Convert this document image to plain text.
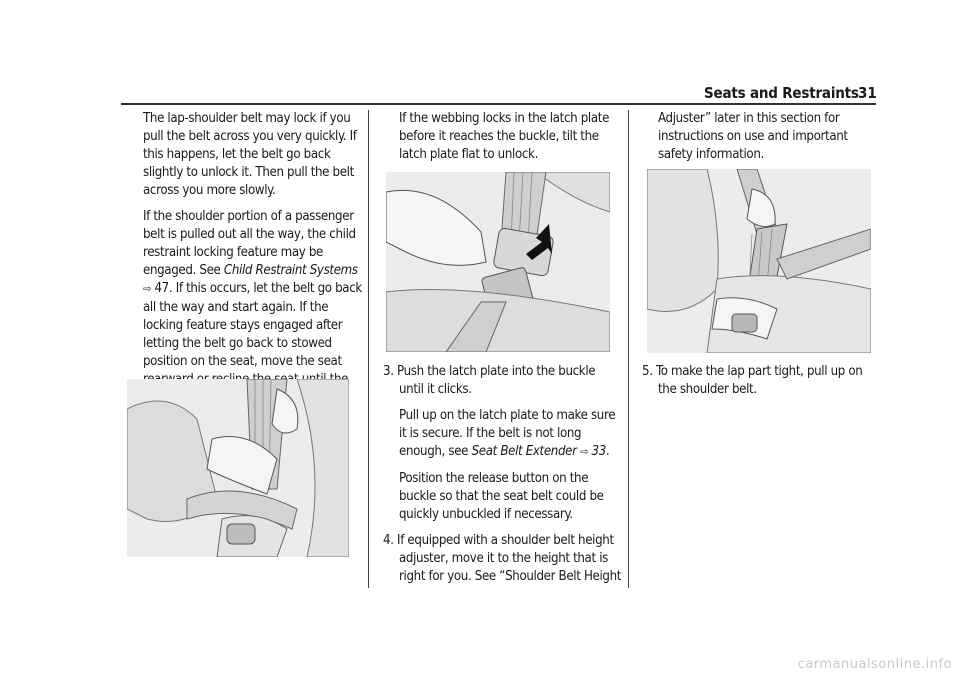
Seats and Restraints 31

The lap-shoulder belt may lock if you pull the belt across you very quickly. If this happens, let the belt go back slightly to unlock it. Then pull the belt across you more slowly.

If the shoulder portion of a passenger belt is pulled out all the way, the child restraint locking feature may be engaged. See Child Restraint Systems ⇨ 47. If this occurs, let the belt go back all the way and start again. If the locking feature stays engaged after letting the belt go back to stowed position on the seat, move the seat

If the webbing locks in the latch plate before it reaches the buckle, tilt the latch plate flat to unlock.

3. Push the latch plate into the buckle until it clicks.

Pull up on the latch plate to make sure it is secure. If the belt is not long enough, see Seat Belt Extender ⇨ 33.

Position the release button on the buckle so that the seat belt could be quickly unbuckled if necessary.

4. If equipped with a shoulder belt height adjuster, move it to the height that is right for you. See “Shoulder Belt Height

Adjuster” later in this section for instructions on use and important safety information.

5. To make the lap part tight, pull up on the shoulder belt.

carmanualsonline.info
